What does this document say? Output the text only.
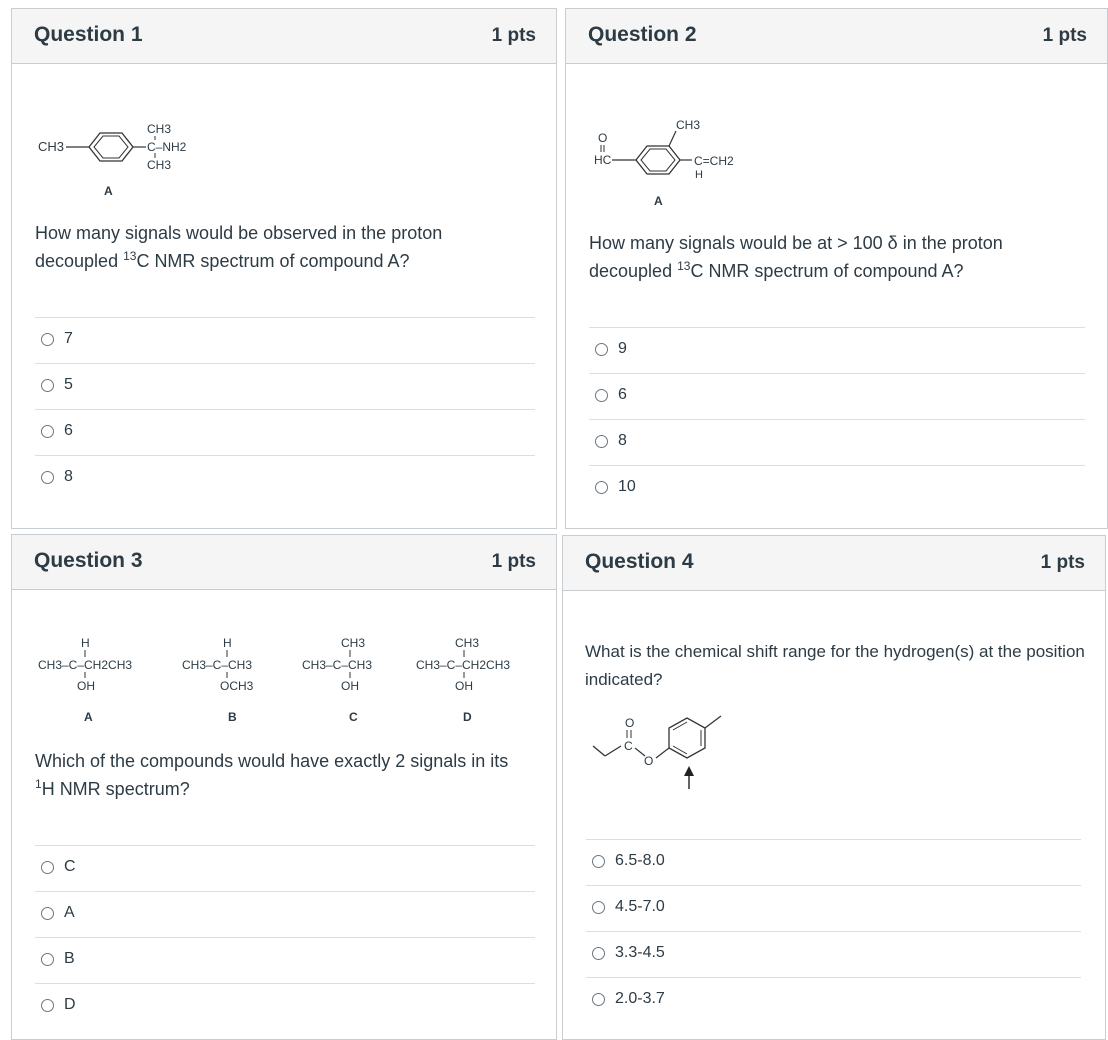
Question 1	1 pts
CH3
CH3
C–NH2
CH3
A
How many signals would be observed in the proton decoupled $^{13}$C NMR spectrum of compound A?
7
5
6
8
Question 2	1 pts
O
HC
CH3
C=CH2
H
A
How many signals would be at > 100 δ in the proton decoupled $^{13}$C NMR spectrum of compound A?
9
6
8
10
Question 3	1 pts
H
CH3–C–CH2CH3
OH
A
H
CH3–C–CH3
OCH3
B
CH3
CH3–C–CH3
OH
C
CH3
CH3–C–CH2CH3
OH
D
Which of the compounds would have exactly 2 signals in its
$^1$H NMR spectrum?
C
A
B
D
Question 4	1 pts
What is the chemical shift range for the hydrogen(s) at the position indicated?
O
C
O
6.5-8.0
4.5-7.0
3.3-4.5
2.0-3.7
